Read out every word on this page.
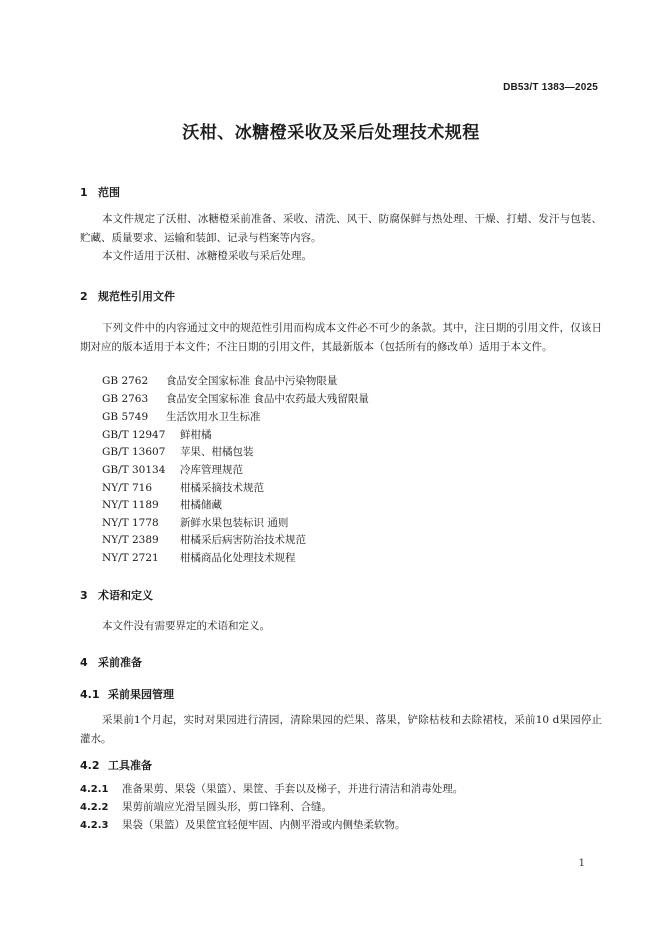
DB53/T 1383—2025
沃柑、冰糖橙采收及采后处理技术规程
1 范围
本文件规定了沃柑、冰糖橙采前准备、采收、清洗、风干、防腐保鲜与热处理、干燥、打蜡、发汗与包装、贮藏、质量要求、运输和装卸、记录与档案等内容。
本文件适用于沃柑、冰糖橙采收与采后处理。
2 规范性引用文件
下列文件中的内容通过文中的规范性引用而构成本文件必不可少的条款。其中，注日期的引用文件，仅该日期对应的版本适用于本文件；不注日期的引用文件，其最新版本（包括所有的修改单）适用于本文件。
GB 2762 食品安全国家标准 食品中污染物限量
GB 2763 食品安全国家标准 食品中农药最大残留限量
GB 5749 生活饮用水卫生标准
GB/T 12947 鲜柑橘
GB/T 13607 苹果、柑橘包装
GB/T 30134 冷库管理规范
NY/T 716	柑橘采摘技术规范
NY/T 1189 柑橘储藏
NY/T 1778 新鲜水果包装标识 通则
NY/T 2389 柑橘采后病害防治技术规范
NY/T 2721 柑橘商品化处理技术规程
3 术语和定义
本文件没有需要界定的术语和定义。
4 采前准备
4.1 采前果园管理
采果前1个月起，实时对果园进行清园，清除果园的烂果、落果，铲除枯枝和去除裙枝，采前10 d果园停止灌水。
4.2 工具准备
4.2.1 准备果剪、果袋（果篮）、果筐、手套以及梯子，并进行清洁和消毒处理。
4.2.2 果剪前端应光滑呈圆头形，剪口锋利、合缝。
4.2.3 果袋（果篮）及果筐宜轻便牢固、内侧平滑或内侧垫柔软物。
1
